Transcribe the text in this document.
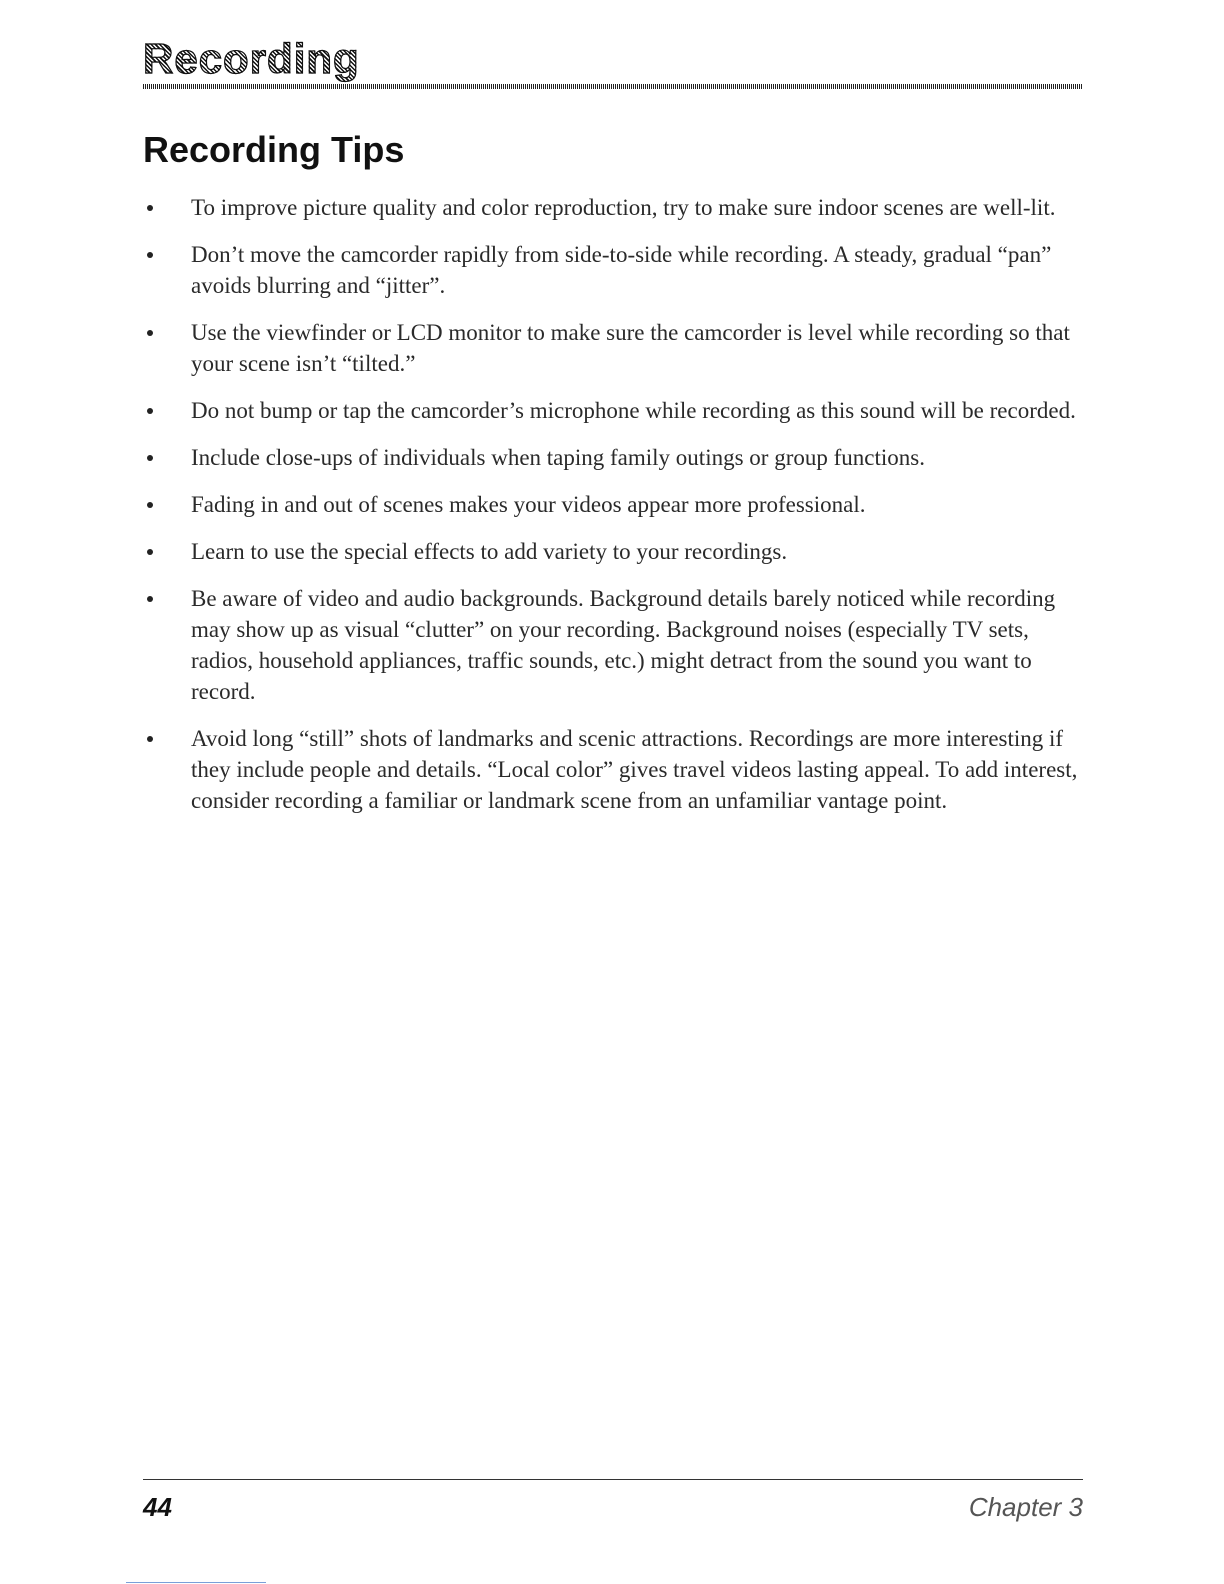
Recording
Recording Tips
To improve picture quality and color reproduction, try to make sure indoor scenes are well-lit.
Don’t move the camcorder rapidly from side-to-side while recording. A steady, gradual “pan” avoids blurring and “jitter”.
Use the viewfinder or LCD monitor to make sure the camcorder is level while recording so that your scene isn’t “tilted.”
Do not bump or tap the camcorder’s microphone while recording as this sound will be recorded.
Include close-ups of individuals when taping family outings or group functions.
Fading in and out of scenes makes your videos appear more professional.
Learn to use the special effects to add variety to your recordings.
Be aware of video and audio backgrounds. Background details barely noticed while recording may show up as visual “clutter” on your recording. Background noises (especially TV sets, radios, household appliances, traffic sounds, etc.) might detract from the sound you want to record.
Avoid long “still” shots of landmarks and scenic attractions. Recordings are more interesting if they include people and details. “Local color” gives travel videos lasting appeal. To add interest, consider recording a familiar or landmark scene from an unfamiliar vantage point.
44	Chapter 3
